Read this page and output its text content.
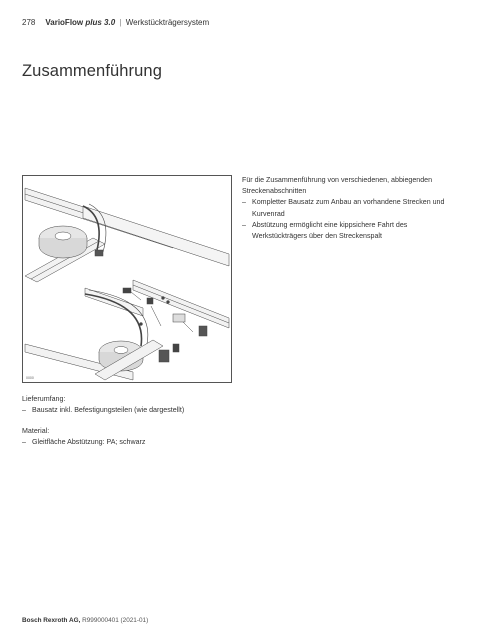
278 VarioFlow plus 3.0 | Werkstückträgersystem
Zusammenführung
0000

Für die Zusammenführung von verschiedenen, abbiegenden Streckenabschnitten

– Kompletter Bausatz zum Anbau an vorhandene Strecken und Kurvenrad
– Abstützung ermöglicht eine kippsichere Fahrt des Werkstückträgers über den Streckenspalt

Lieferumfang:

– Bausatz inkl. Befestigungsteilen (wie dargestellt)

Material:

– Gleitfläche Abstützung: PA; schwarz
Bosch Rexroth AG, R999000401 (2021-01)
